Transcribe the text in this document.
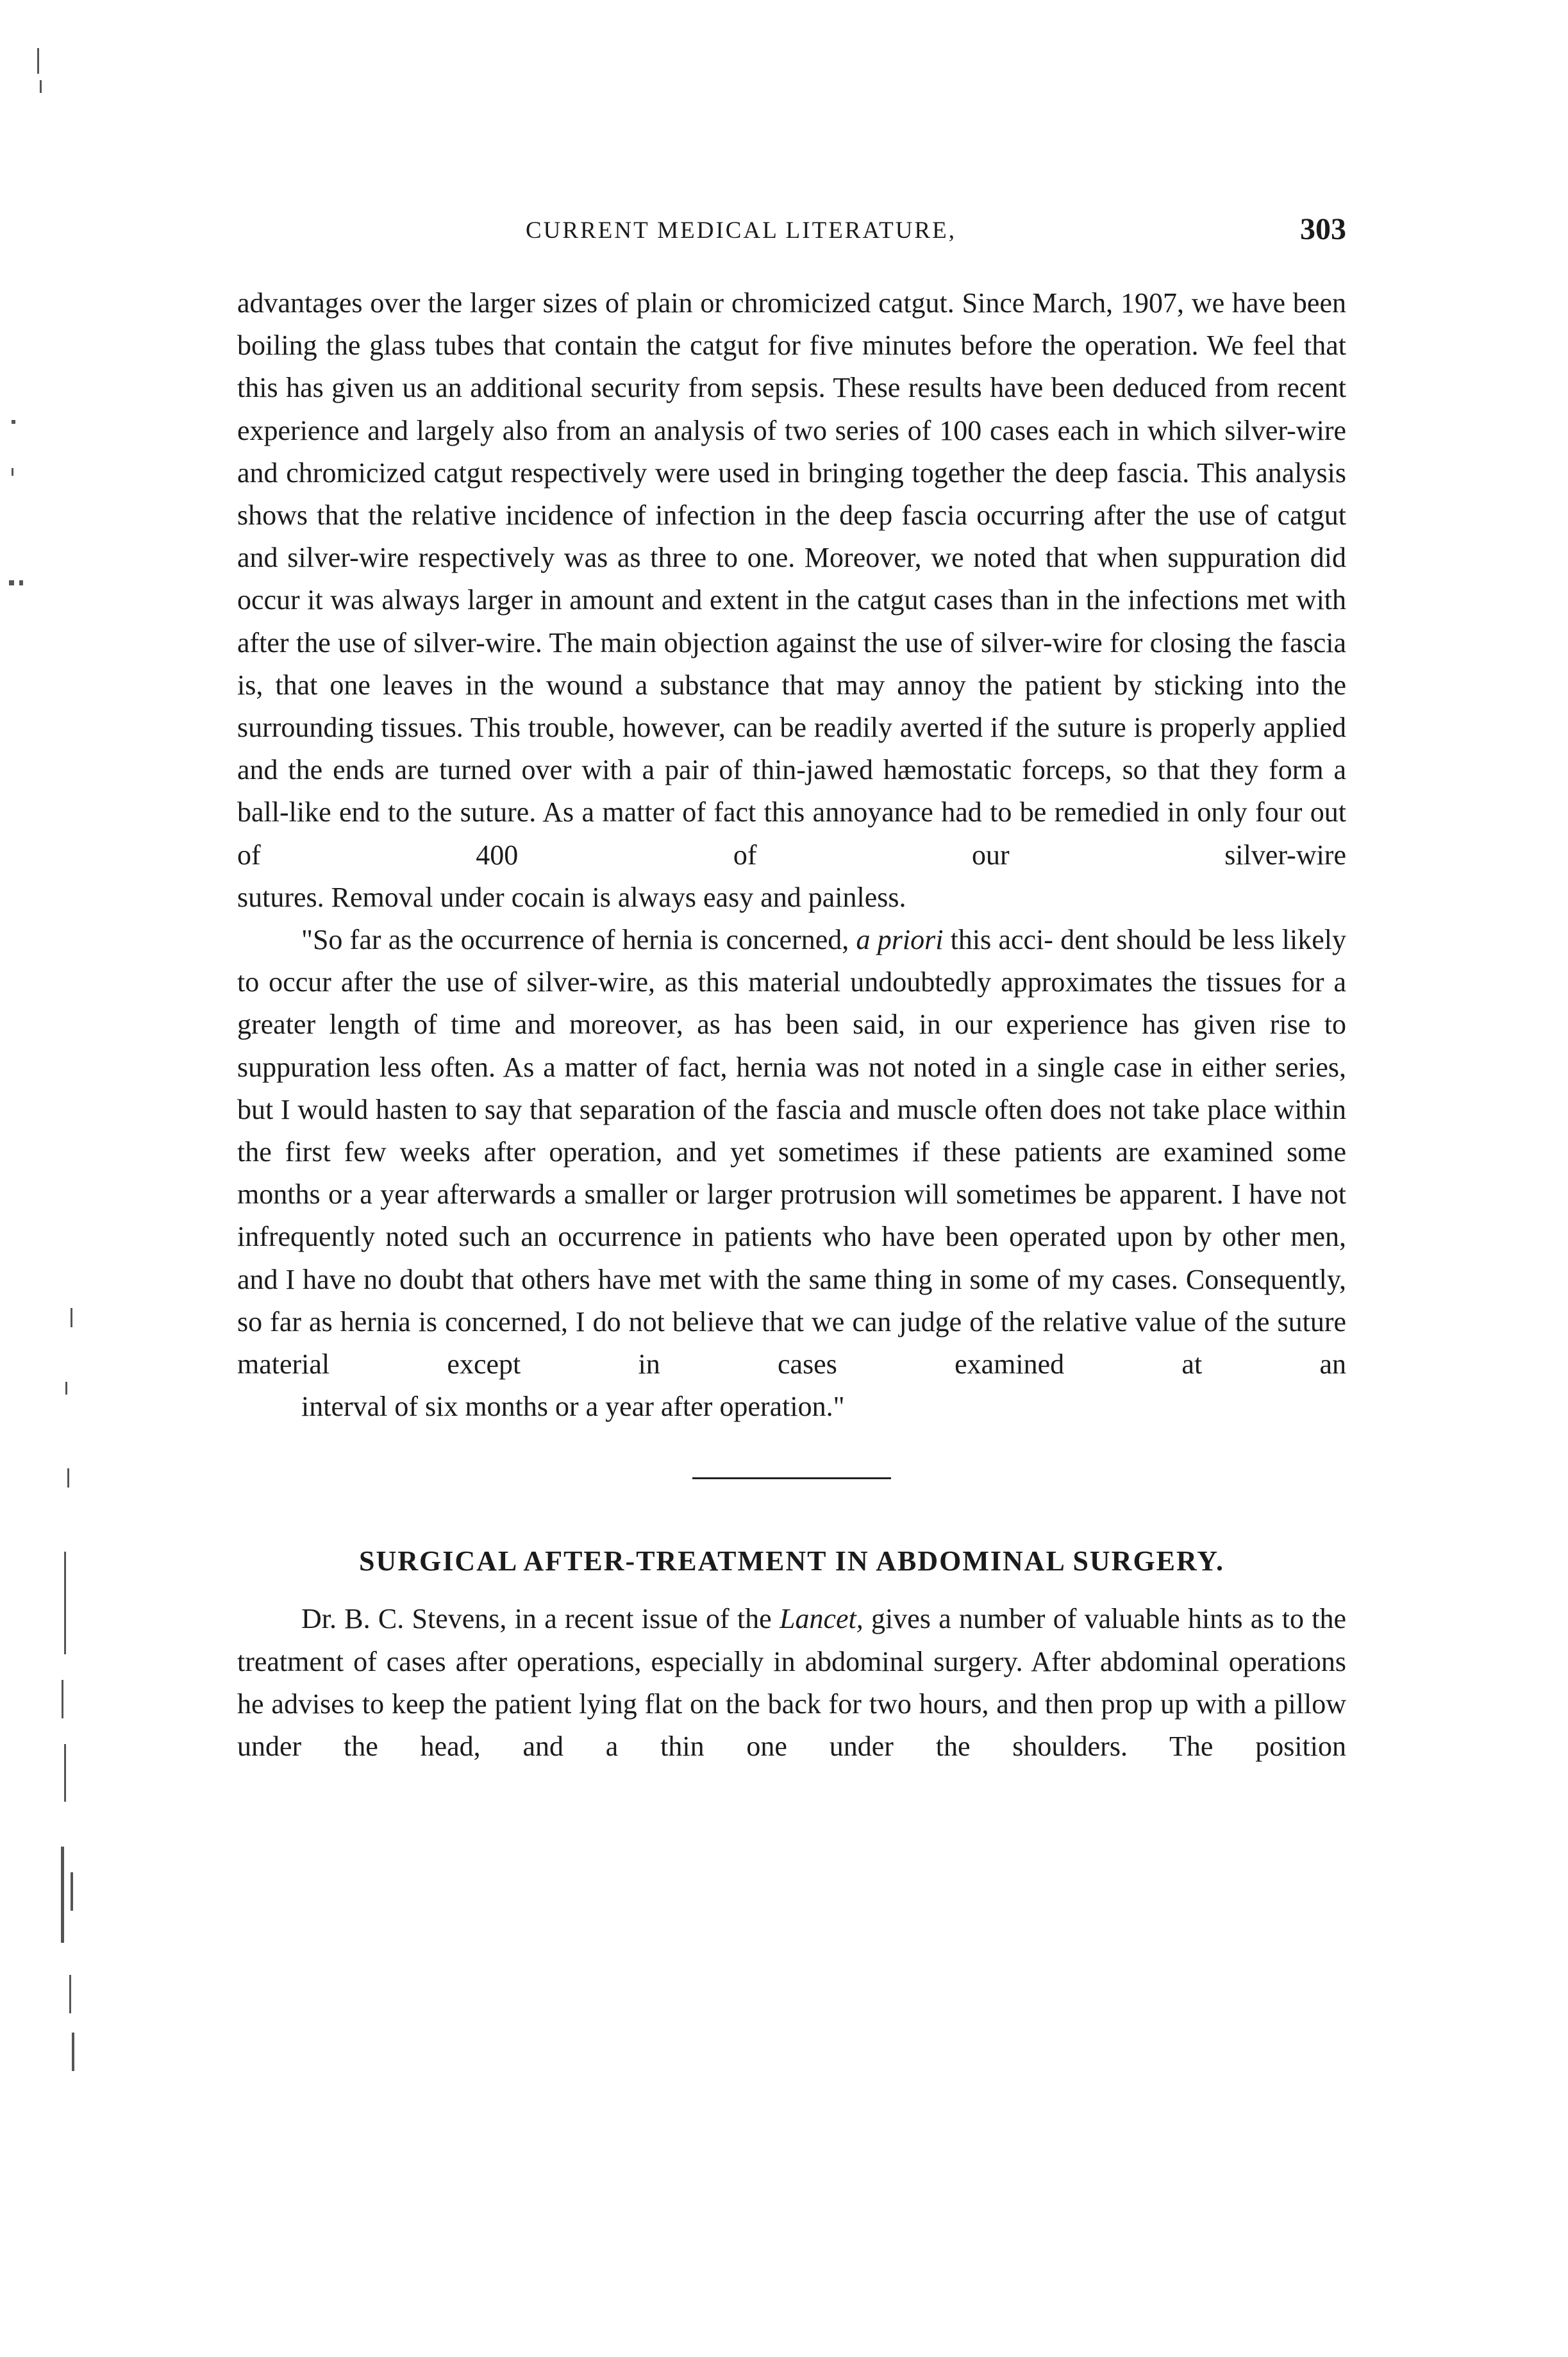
CURRENT MEDICAL LITERATURE,	303

advantages over the larger sizes of plain or chromicized catgut. Since March, 1907, we have been boiling the glass tubes that contain the catgut for five minutes before the operation. We feel that this has given us an additional security from sepsis. These results have been deduced from recent experience and largely also from an analysis of two series of 100 cases each in which silver-wire and chromicized catgut respectively were used in bringing together the deep fascia. This analysis shows that the relative incidence of infection in the deep fascia occurring after the use of catgut and silver-wire respectively was as three to one. Moreover, we noted that when suppuration did occur it was always larger in amount and extent in the catgut cases than in the infections met with after the use of silver-wire. The main objection against the use of silver-wire for closing the fascia is, that one leaves in the wound a substance that may annoy the patient by sticking into the surrounding tissues. This trouble, however, can be readily averted if the suture is properly applied and the ends are turned over with a pair of thin-jawed hæmostatic forceps, so that they form a ball-like end to the suture. As a matter of fact this annoyance had to be remedied in only four out of 400 of our silver-wire
sutures. Removal under cocain is always easy and painless.

"So far as the occurrence of hernia is concerned, a priori this acci- dent should be less likely to occur after the use of silver-wire, as this material undoubtedly approximates the tissues for a greater length of time and moreover, as has been said, in our experience has given rise to suppuration less often. As a matter of fact, hernia was not noted in a single case in either series, but I would hasten to say that separation of the fascia and muscle often does not take place within the first few weeks after operation, and yet sometimes if these patients are examined some months or a year afterwards a smaller or larger protrusion will sometimes be apparent. I have not infrequently noted such an occurrence in patients who have been operated upon by other men, and I have no doubt that others have met with the same thing in some of my cases. Consequently, so far as hernia is concerned, I do not believe that we can judge of the relative value of the suture material except in cases examined at an
interval of six months or a year after operation."

SURGICAL AFTER-TREATMENT IN ABDOMINAL SURGERY.

Dr. B. C. Stevens, in a recent issue of the Lancet, gives a number of valuable hints as to the treatment of cases after operations, especially in abdominal surgery. After abdominal operations he advises to keep the patient lying flat on the back for two hours, and then prop up with a pillow under the head, and a thin one under the shoulders. The position
